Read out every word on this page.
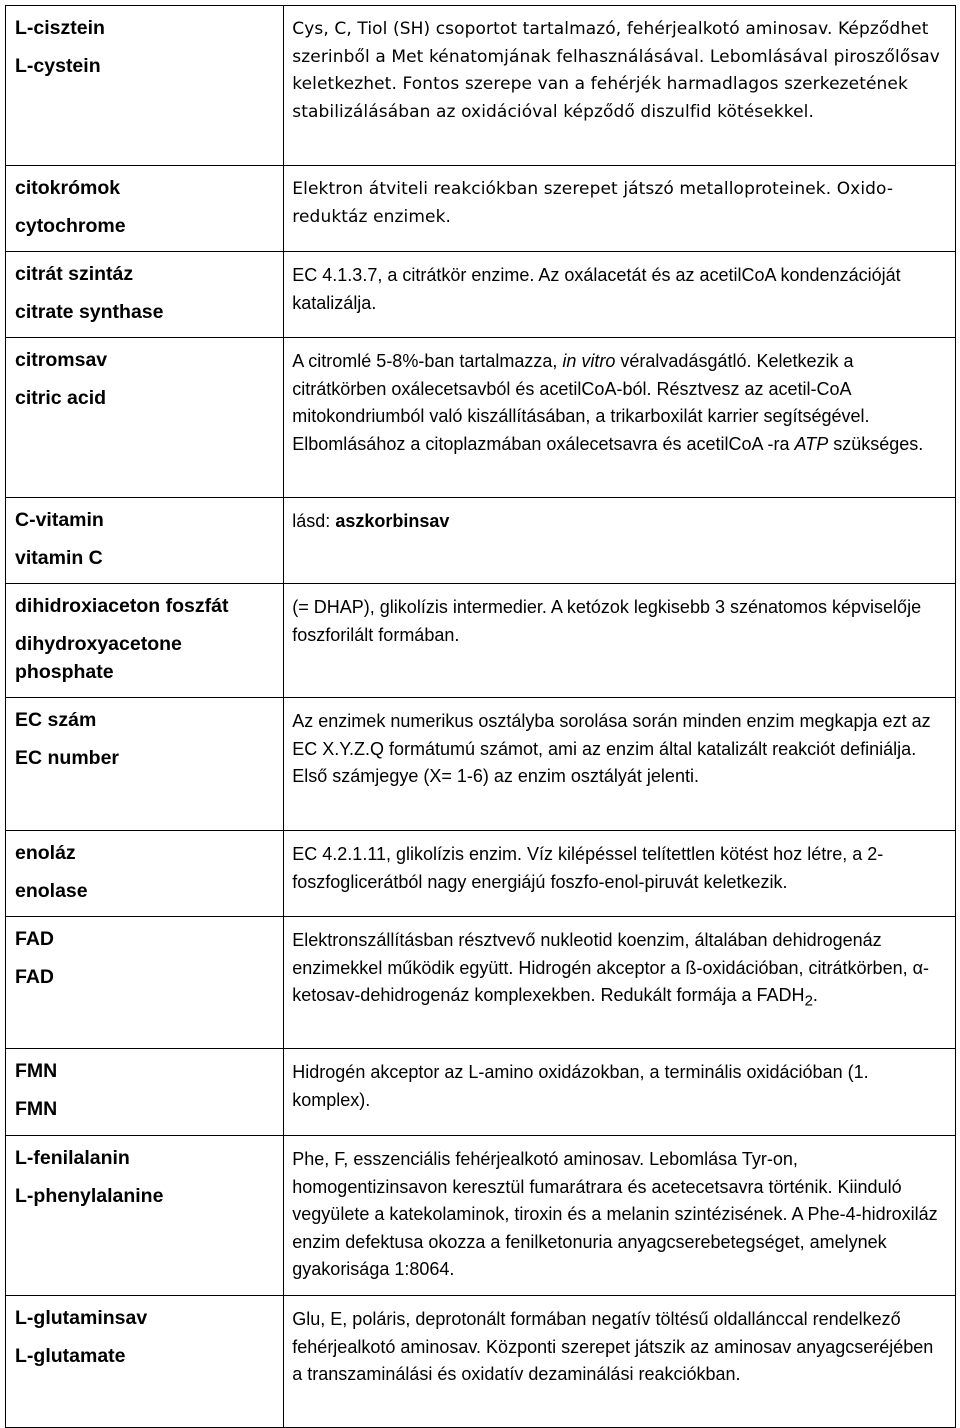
L-cisztein
L-cystein	Cys, C, Tiol (SH) csoportot tartalmazó, fehérjealkotó aminosav. Képződhet szerinből a Met kénatomjának felhasználásával. Lebomlásával piroszőlősav keletkezhet. Fontos szerepe van a fehérjék harmadlagos szerkezetének stabilizálásában az oxidációval képződő diszulfid kötésekkel.

citokrómok
cytochrome	Elektron átviteli reakciókban szerepet játszó metalloproteinek. Oxido-reduktáz enzimek.

citrát szintáz
citrate synthase	EC 4.1.3.7, a citrátkör enzime. Az oxálacetát és az acetilCoA kondenzációját katalizálja.

citromsav
citric acid	A citromlé 5-8%-ban tartalmazza, in vitro véralvadásgátló. Keletkezik a citrátkörben oxálecetsavból és acetilCoA-ból. Résztvesz az acetil-CoA mitokondriumból való kiszállításában, a trikarboxilát karrier segítségével. Elbomlásához a citoplazmában oxálecetsavra és acetilCoA -ra ATP szükséges.

C-vitamin
vitamin C	lásd: aszkorbinsav

dihidroxiaceton foszfát
dihydroxyacetone phosphate	(= DHAP), glikolízis intermedier. A ketózok legkisebb 3 szénatomos képviselője foszforilált formában.

EC szám
EC number	Az enzimek numerikus osztályba sorolása során minden enzim megkapja ezt az EC X.Y.Z.Q formátumú számot, ami az enzim által katalizált reakciót definiálja. Első számjegye (X= 1-6) az enzim osztályát jelenti.

enoláz
enolase	EC 4.2.1.11, glikolízis enzim. Víz kilépéssel telítettlen kötést hoz létre, a 2-foszfoglicerátból nagy energiájú foszfo-enol-piruvát keletkezik.

FAD
FAD	Elektronszállításban résztvevő nukleotid koenzim, általában dehidrogenáz enzimekkel működik együtt. Hidrogén akceptor a ß-oxidációban, citrátkörben, α-ketosav-dehidrogenáz komplexekben. Redukált formája a $FADH_2$.

FMN
FMN	Hidrogén akceptor az L-amino oxidázokban, a terminális oxidációban (1. komplex).

L-fenilalanin
L-phenylalanine	Phe, F, esszenciális fehérjealkotó aminosav. Lebomlása Tyr-on, homogentizinsavon keresztül fumarátrara és acetecetsavra történik. Kiinduló vegyülete a katekolaminok, tiroxin és a melanin szintézisének. A Phe-4-hidroxiláz enzim defektusa okozza a fenilketonuria anyagcserebetegséget, amelynek gyakorisága 1:8064.

L-glutaminsav
L-glutamate	Glu, E, poláris, deprotonált formában negatív töltésű oldallánccal rendelkező fehérjealkotó aminosav. Központi szerepet játszik az aminosav anyagcseréjében a transzaminálási és oxidatív dezaminálási reakciókban.
